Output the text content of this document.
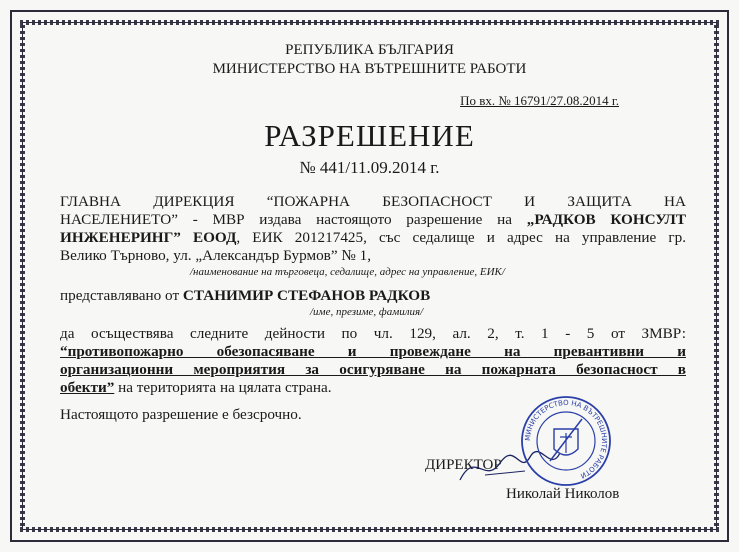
РЕПУБЛИКА БЪЛГАРИЯ
МИНИСТЕРСТВО НА ВЪТРЕШНИТЕ РАБОТИ
По вх. № 16791/27.08.2014 г.
РАЗРЕШЕНИЕ
№ 441/11.09.2014 г.
ГЛАВНА ДИРЕКЦИЯ “ПОЖАРНА БЕЗОПАСНОСТ И ЗАЩИТА НА
НАСЕЛЕНИЕТО” - МВР издава настоящото разрешение на „РАДКОВ КОНСУЛТ
ИНЖЕНЕРИНГ” ЕООД, ЕИК 201217425, със седалище и адрес на управление гр.
Велико Търново, ул. „Александър Бурмов” № 1,
/наименование на търговеца, седалище, адрес на управление, ЕИК/
представлявано от СТАНИМИР СТЕФАНОВ РАДКОВ
/име, презиме, фамилия/
да осъществява следните дейности по чл. 129, ал. 2, т. 1 - 5 от ЗМВР:
“противопожарно обезопасяване и провеждане на превантивни и
организационни мероприятия за осигуряване на пожарната безопасност в
обекти” на територията на цялата страна.
Настоящото разрешение е безсрочно.
ДИРЕКТОР
Николай Николов
МИНИСТЕРСТВО НА ВЪТРЕШНИТЕ РАБОТИ
